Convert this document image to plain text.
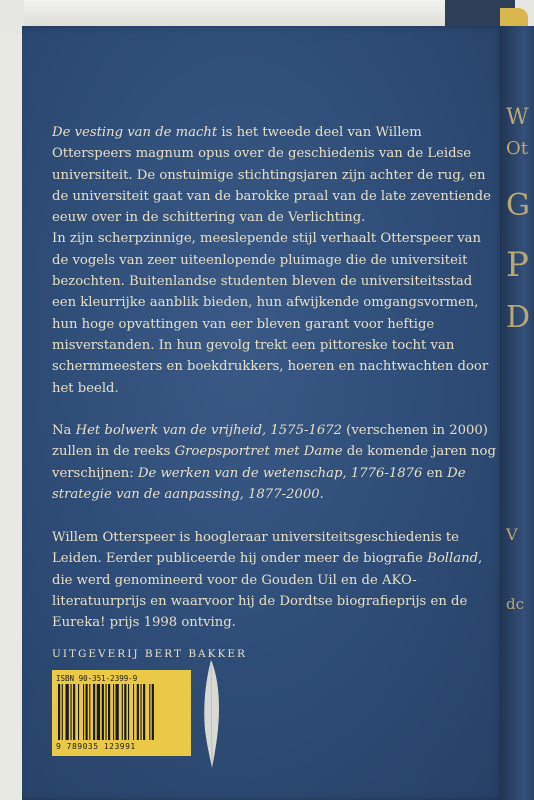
W
Ot
G
P
D
V
dc

De vesting van de macht is het tweede deel van Willem Otterspeers magnum opus over de geschiedenis van de Leidse universiteit. De onstuimige stichtingsjaren zijn achter de rug, en de universiteit gaat van de barokke praal van de late zeventiende eeuw over in de schittering van de Verlichting.

In zijn scherpzinnige, meeslepende stijl verhaalt Otterspeer van de vogels van zeer uiteenlopende pluimage die de universiteit bezochten. Buitenlandse studenten bleven de universiteitsstad een kleurrijke aanblik bieden, hun afwijkende omgangsvormen, hun hoge opvattingen van eer bleven garant voor heftige misverstanden. In hun gevolg trekt een pittoreske tocht van schermmeesters en boekdrukkers, hoeren en nachtwachten door het beeld.

Na Het bolwerk van de vrijheid, 1575-1672 (verschenen in 2000) zullen in de reeks Groepsportret met Dame de komende jaren nog verschijnen: De werken van de wetenschap, 1776-1876 en De strategie van de aanpassing, 1877-2000.

Willem Otterspeer is hoogleraar universiteitsgeschiedenis te Leiden. Eerder publiceerde hij onder meer de biografie Bolland, die werd genomineerd voor de Gouden Uil en de AKO-literatuurprijs en waarvoor hij de Dordtse biografieprijs en de Eureka! prijs 1998 ontving.

UITGEVERIJ BERT BAKKER
ISBN 90-351-2399-9
9 789035 123991
